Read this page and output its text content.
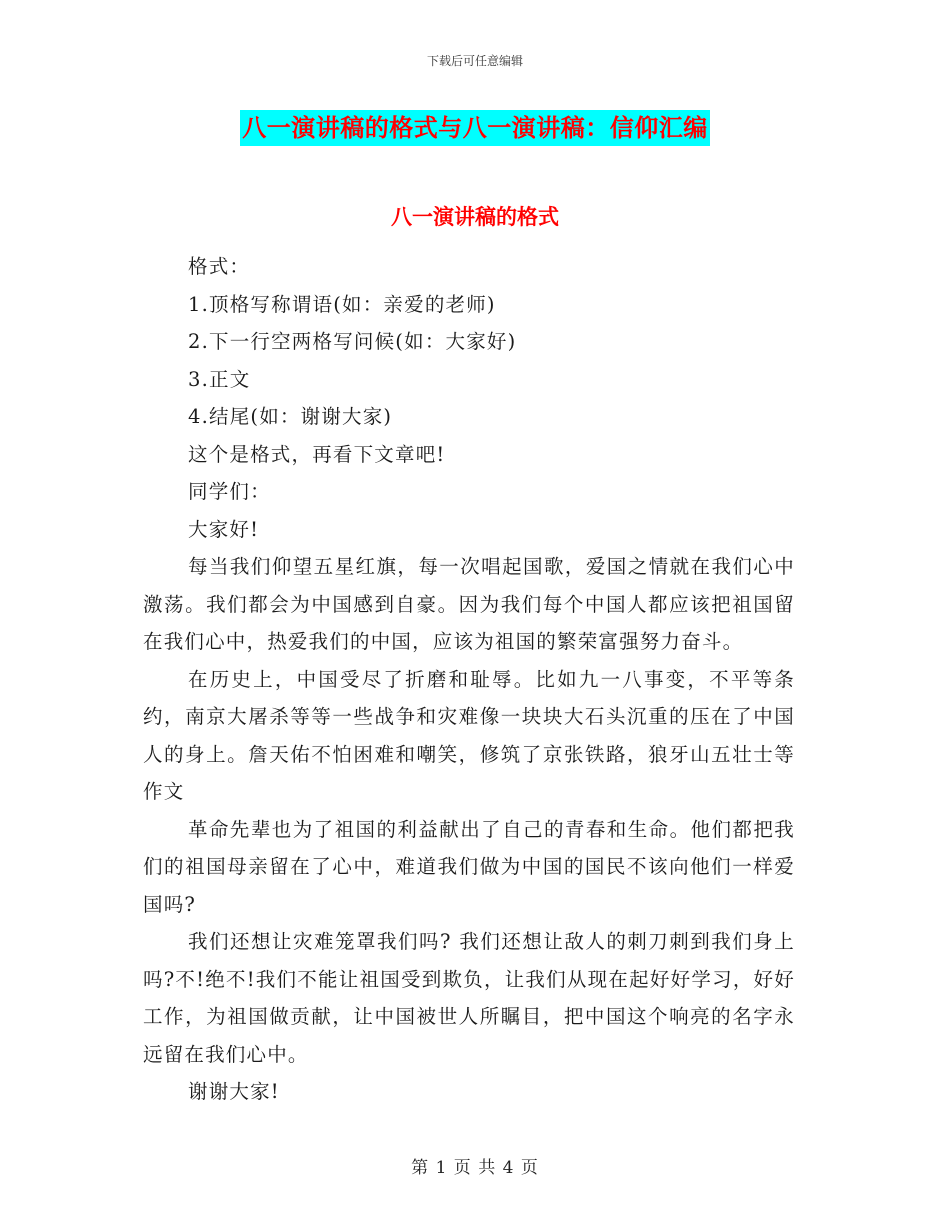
下载后可任意编辑
八一演讲稿的格式与八一演讲稿：信仰汇编
八一演讲稿的格式

格式：

1.顶格写称谓语(如：亲爱的老师)

2.下一行空两格写问候(如：大家好)

3.正文

4.结尾(如：谢谢大家)

这个是格式，再看下文章吧!

同学们：

大家好!

每当我们仰望五星红旗，每一次唱起国歌，爱国之情就在我们心中激荡。我们都会为中国感到自豪。因为我们每个中国人都应该把祖国留在我们心中，热爱我们的中国，应该为祖国的繁荣富强努力奋斗。

在历史上，中国受尽了折磨和耻辱。比如九一八事变，不平等条约，南京大屠杀等等一些战争和灾难像一块块大石头沉重的压在了中国人的身上。詹天佑不怕困难和嘲笑，修筑了京张铁路，狼牙山五壮士等作文

革命先辈也为了祖国的利益献出了自己的青春和生命。他们都把我们的祖国母亲留在了心中，难道我们做为中国的国民不该向他们一样爱国吗?

我们还想让灾难笼罩我们吗? 我们还想让敌人的刺刀刺到我们身上吗?不!绝不!我们不能让祖国受到欺负，让我们从现在起好好学习，好好工作，为祖国做贡献，让中国被世人所瞩目，把中国这个响亮的名字永远留在我们心中。

谢谢大家!

第 1 页 共 4 页
